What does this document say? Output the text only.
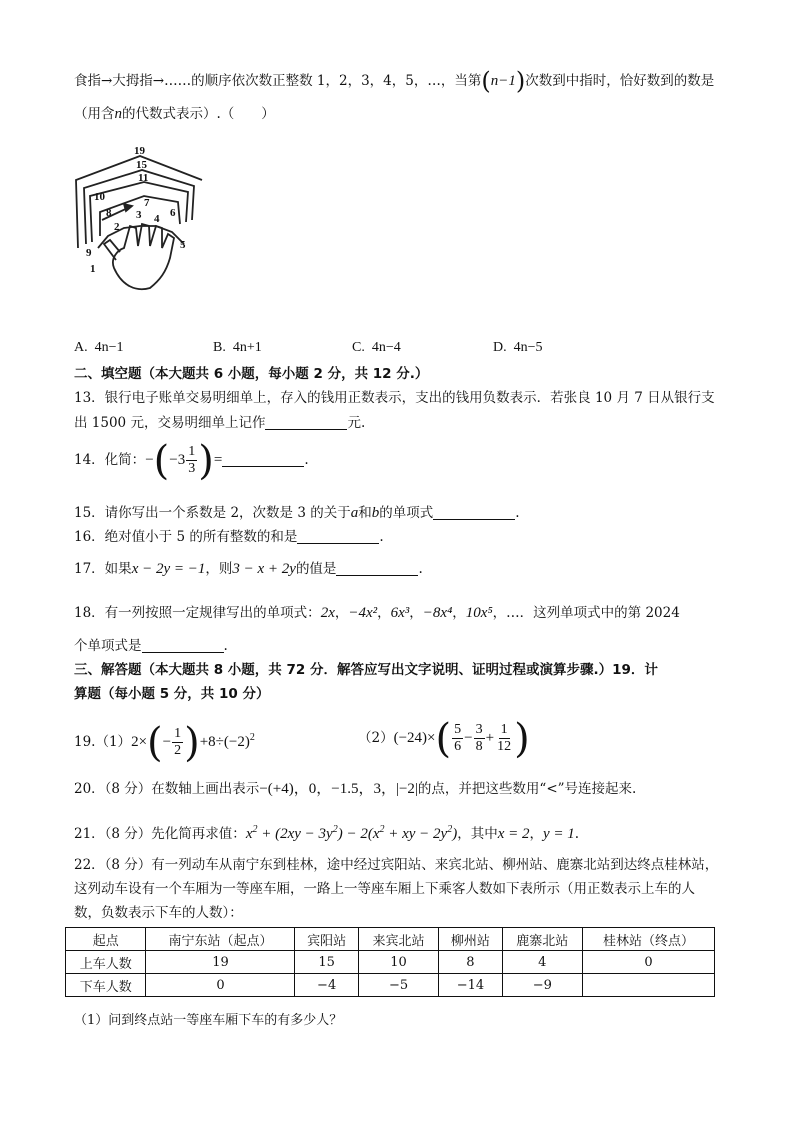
食指→大拇指→……的顺序依次数正整数 1，2，3，4，5，…，当第(n−1)次数到中指时，恰好数到的数是
（用含n的代数式表示）.（　　）
19
15
11
10	7
8 3	6
4
2
9
5
1
A. 4n−1	B. 4n+1	C. 4n−4	D. 4n−5
二、填空题（本大题共 6 小题，每小题 2 分，共 12 分.）
13．银行电子账单交易明细单上，存入的钱用正数表示，支出的钱用负数表示．若张良 10 月 7 日从银行支
出 1500 元，交易明细单上记作	元.
14．化简：$-(-3 \frac{1}{3}$ )=	.
15．请你写出一个系数是 2，次数是 3 的关于a和b的单项式	.
16．绝对值小于 5 的所有整数的和是	.
17．如果x − 2y = −1，则3 − x + 2y的值是	.
18．有一列按照一定规律写出的单项式：2x，−4x²，6x³，−8x⁴，10x⁵，…．这列单项式中的第 2024
个单项式是	.
三、解答题（本大题共 8 小题，共 72 分．解答应写出文字说明、证明过程或演算步骤.）19．计
算题（每小题 5 分，共 10 分）
$19.(1)2\times(- \frac{1}{2} )+8\div(-2)^2$	$(2)(-24)\times( \frac{5}{6} - \frac{3}{8} + \frac{1}{12}$ )
20．（8 分）在数轴上画出表示−(+4)，0，−1.5，3，|−2|的点，并把这些数用“<”号连接起来.
21．（8 分）先化简再求值：$x^2 + (2xy - 3y^2) - 2(x^2$ + xy − $2y^2$)，其中x = 2，y = 1.
22．（8 分）有一列动车从南宁东到桂林，途中经过宾阳站、来宾北站、柳州站、鹿寨北站到达终点桂林站，
这列动车设有一个车厢为一等座车厢，一路上一等座车厢上下乘客人数如下表所示（用正数表示上车的人
数，负数表示下车的人数）：
起点	南宁东站（起点）	宾阳站	来宾北站	柳州站	鹿寨北站	桂林站（终点）
上车人数	19	15	10	8	4	0
下车人数	0	−4	−5	−14	−9	
（1）问到终点站一等座车厢下车的有多少人？
